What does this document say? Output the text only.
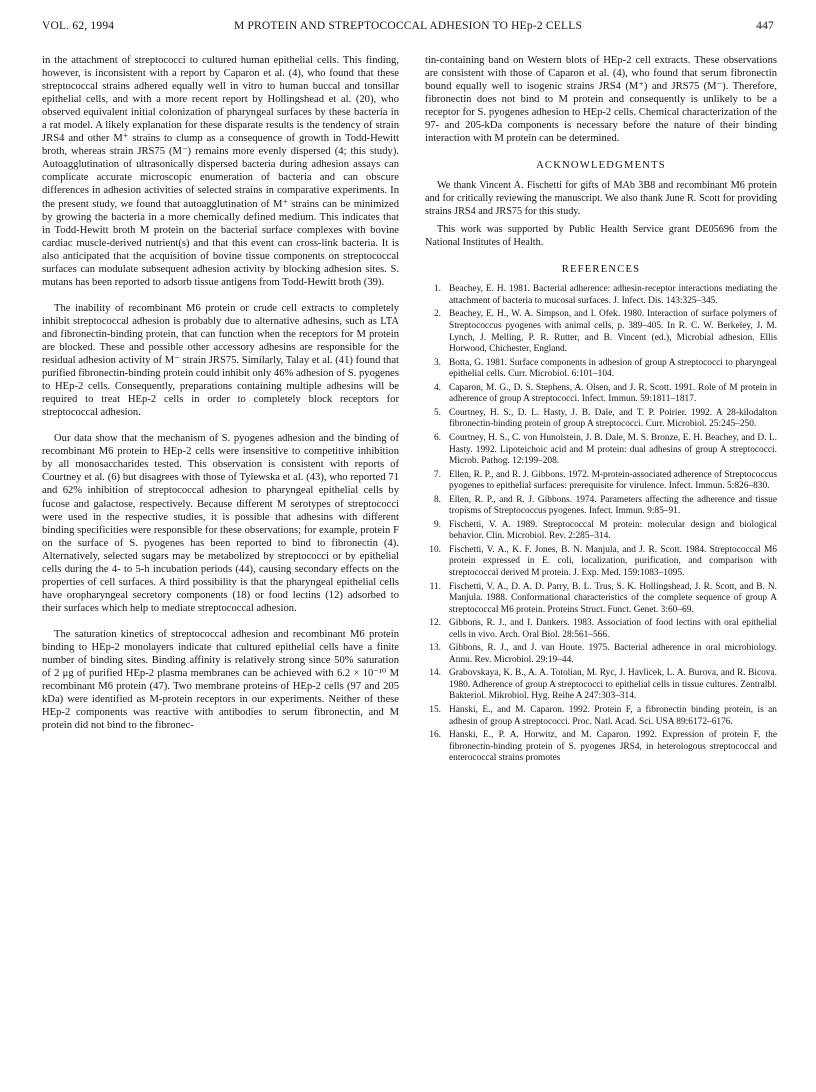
VOL. 62, 1994	M PROTEIN AND STREPTOCOCCAL ADHESION TO HEp-2 CELLS	447

in the attachment of streptococci to cultured human epithelial cells. This finding, however, is inconsistent with a report by Caparon et al. (4), who found that these streptococcal strains adhered equally well in vitro to human buccal and tonsillar epithelial cells, and with a more recent report by Hollingshead et al. (20), who observed equivalent initial colonization of pharyngeal surfaces by these bacteria in a rat model. A likely explanation for these disparate results is the tendency of strain JRS4 and other M⁺ strains to clump as a consequence of growth in Todd-Hewitt broth, whereas strain JRS75 (M⁻) remains more evenly dispersed (4; this study). Autoagglutination of ultrasonically dispersed bacteria during adhesion assays can complicate accurate microscopic enumeration of bacteria and can obscure differences in adhesion activities of selected strains in comparative experiments. In the present study, we found that autoagglutination of M⁺ strains can be minimized by growing the bacteria in a more chemically defined medium. This indicates that in Todd-Hewitt broth M protein on the bacterial surface complexes with bovine cardiac muscle-derived nutrient(s) and that this event can cross-link bacteria. It is also anticipated that the acquisition of bovine tissue components on streptococcal surfaces can modulate subsequent adhesion activity by blocking adhesion sites. S. mutans has been reported to adsorb tissue antigens from Todd-Hewitt broth (39).

The inability of recombinant M6 protein or crude cell extracts to completely inhibit streptococcal adhesion is probably due to alternative adhesins, such as LTA and fibronectin-binding protein, that can function when the receptors for M protein are blocked. These and possible other accessory adhesins are responsible for the residual adhesion activity of M⁻ strain JRS75. Similarly, Talay et al. (41) found that purified fibronectin-binding protein could inhibit only 46% adhesion of S. pyogenes to HEp-2 cells. Consequently, preparations containing multiple adhesins will be required to treat HEp-2 cells in order to completely block receptors for streptococcal adhesion.

Our data show that the mechanism of S. pyogenes adhesion and the binding of recombinant M6 protein to HEp-2 cells were insensitive to competitive inhibition by all monosaccharides tested. This observation is consistent with reports of Courtney et al. (6) but disagrees with those of Tylewska et al. (43), who reported 71 and 62% inhibition of streptococcal adhesion to pharyngeal epithelial cells by fucose and galactose, respectively. Because different M serotypes of streptococci were used in the respective studies, it is possible that adhesins with different binding specificities were responsible for these observations; for example, protein F on the surface of S. pyogenes has been reported to bind to fibronectin (4). Alternatively, selected sugars may be metabolized by streptococci or by epithelial cells during the 4- to 5-h incubation periods (44), causing secondary effects on the properties of cell surfaces. A third possibility is that the pharyngeal epithelial cells have oropharyngeal secretory components (18) or food lectins (12) adsorbed to their surfaces which help to mediate streptococcal adhesion.

The saturation kinetics of streptococcal adhesion and recombinant M6 protein binding to HEp-2 monolayers indicate that cultured epithelial cells have a finite number of binding sites. Binding affinity is relatively strong since 50% saturation of 2 μg of purified HEp-2 plasma membranes can be achieved with 6.2 × 10⁻¹⁰ M recombinant M6 protein (47). Two membrane proteins of HEp-2 cells (97 and 205 kDa) were identified as M-protein receptors in our experiments. Neither of these HEp-2 components was reactive with antibodies to serum fibronectin, and M protein did not bind to the fibronec-

tin-containing band on Western blots of HEp-2 cell extracts. These observations are consistent with those of Caparon et al. (4), who found that serum fibronectin bound equally well to isogenic strains JRS4 (M⁺) and JRS75 (M⁻). Therefore, fibronectin does not bind to M protein and consequently is unlikely to be a receptor for S. pyogenes adhesion to HEp-2 cells. Chemical characterization of the 97- and 205-kDa components is necessary before the nature of their binding interaction with M protein can be determined.

ACKNOWLEDGMENTS

We thank Vincent A. Fischetti for gifts of MAb 3B8 and recombinant M6 protein and for critically reviewing the manuscript. We also thank June R. Scott for providing strains JRS4 and JRS75 for this study.

This work was supported by Public Health Service grant DE05696 from the National Institutes of Health.

REFERENCES
1. Beachey, E. H. 1981. Bacterial adherence: adhesin-receptor interactions mediating the attachment of bacteria to mucosal surfaces. J. Infect. Dis. 143:325–345.
2. Beachey, E. H., W. A. Simpson, and I. Ofek. 1980. Interaction of surface polymers of Streptococcus pyogenes with animal cells, p. 389–405. In R. C. W. Berkeley, J. M. Lynch, J. Melling, P. R. Rutter, and B. Vincent (ed.), Microbial adhesion. Ellis Horwood, Chichester, England.
3. Botta, G. 1981. Surface components in adhesion of group A streptococci to pharyngeal epithelial cells. Curr. Microbiol. 6:101–104.
4. Caparon, M. G., D. S. Stephens, A. Olsen, and J. R. Scott. 1991. Role of M protein in adherence of group A streptococci. Infect. Immun. 59:1811–1817.
5. Courtney, H. S., D. L. Hasty, J. B. Dale, and T. P. Poirier. 1992. A 28-kilodalton fibronectin-binding protein of group A streptococci. Curr. Microbiol. 25:245–250.
6. Courtney, H. S., C. von Hunolstein, J. B. Dale, M. S. Bronze, E. H. Beachey, and D. L. Hasty. 1992. Lipoteichoic acid and M protein: dual adhesins of group A streptococci. Microb. Pathog. 12:199–208.
7. Ellen, R. P., and R. J. Gibbons. 1972. M-protein-associated adherence of Streptococcus pyogenes to epithelial surfaces: prerequisite for virulence. Infect. Immun. 5:826–830.
8. Ellen, R. P., and R. J. Gibbons. 1974. Parameters affecting the adherence and tissue tropisms of Streptococcus pyogenes. Infect. Immun. 9:85–91.
9. Fischetti, V. A. 1989. Streptococcal M protein: molecular design and biological behavior. Clin. Microbiol. Rev. 2:285–314.
10. Fischetti, V. A., K. F. Jones, B. N. Manjula, and J. R. Scott. 1984. Streptococcal M6 protein expressed in E. coli, localization, purification, and comparison with streptococcal derived M protein. J. Exp. Med. 159:1083–1095.
11. Fischetti, V. A., D. A. D. Parry, B. L. Trus, S. K. Hollingshead, J. R. Scott, and B. N. Manjula. 1988. Conformational characteristics of the complete sequence of group A streptococcal M6 protein. Proteins Struct. Funct. Genet. 3:60–69.
12. Gibbons, R. J., and I. Dankers. 1983. Association of food lectins with oral epithelial cells in vivo. Arch. Oral Biol. 28:561–566.
13. Gibbons, R. J., and J. van Houte. 1975. Bacterial adherence in oral microbiology. Annu. Rev. Microbiol. 29:19–44.
14. Grabovskaya, K. B., A. A. Totolian, M. Ryc, J. Havlicek, L. A. Burova, and R. Bicova. 1980. Adherence of group A streptococci to epithelial cells in tissue cultures. Zentralbl. Bakteriol. Mikrobiol. Hyg. Reihe A 247:303–314.
15. Hanski, E., and M. Caparon. 1992. Protein F, a fibronectin binding protein, is an adhesin of group A streptococci. Proc. Natl. Acad. Sci. USA 89:6172–6176.
16. Hanski, E., P. A. Horwitz, and M. Caparon. 1992. Expression of protein F, the fibronectin-binding protein of S. pyogenes JRS4, in heterologous streptococcal and enterococcal strains promotes
